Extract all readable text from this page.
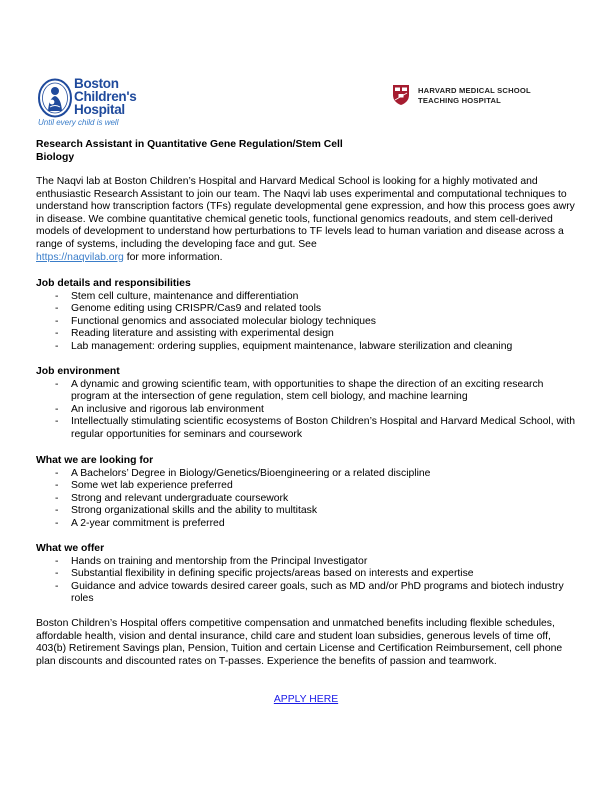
Boston
Children's
Hospital
Until every child is well
HARVARD MEDICAL SCHOOL
TEACHING HOSPITAL
Research Assistant in Quantitative Gene Regulation/Stem Cell
Biology
The Naqvi lab at Boston Children’s Hospital and Harvard Medical School is looking for a highly motivated and enthusiastic Research Assistant to join our team. The Naqvi lab uses experimental and computational techniques to understand how transcription factors (TFs) regulate developmental gene expression, and how this process goes awry in disease. We combine quantitative chemical genetic tools, functional genomics readouts, and stem cell-derived models of development to understand how perturbations to TF levels lead to human variation and disease across a range of systems, including the developing face and gut. See
https://naqvilab.org for more information.
Job details and responsibilities
- Stem cell culture, maintenance and differentiation
- Genome editing using CRISPR/Cas9 and related tools
- Functional genomics and associated molecular biology techniques
- Reading literature and assisting with experimental design
- Lab management: ordering supplies, equipment maintenance, labware sterilization and cleaning
Job environment
- A dynamic and growing scientific team, with opportunities to shape the direction of an exciting research program at the intersection of gene regulation, stem cell biology, and machine learning
- An inclusive and rigorous lab environment
- Intellectually stimulating scientific ecosystems of Boston Children’s Hospital and Harvard Medical School, with regular opportunities for seminars and coursework
What we are looking for
- A Bachelors’ Degree in Biology/Genetics/Bioengineering or a related discipline
- Some wet lab experience preferred
- Strong and relevant undergraduate coursework
- Strong organizational skills and the ability to multitask
- A 2-year commitment is preferred
What we offer
- Hands on training and mentorship from the Principal Investigator
- Substantial flexibility in defining specific projects/areas based on interests and expertise
- Guidance and advice towards desired career goals, such as MD and/or PhD programs and biotech industry roles
Boston Children’s Hospital offers competitive compensation and unmatched benefits including flexible schedules, affordable health, vision and dental insurance, child care and student loan subsidies, generous levels of time off, 403(b) Retirement Savings plan, Pension, Tuition and certain License and Certification Reimbursement, cell phone plan discounts and discounted rates on T-passes. Experience the benefits of passion and teamwork.
APPLY HERE
